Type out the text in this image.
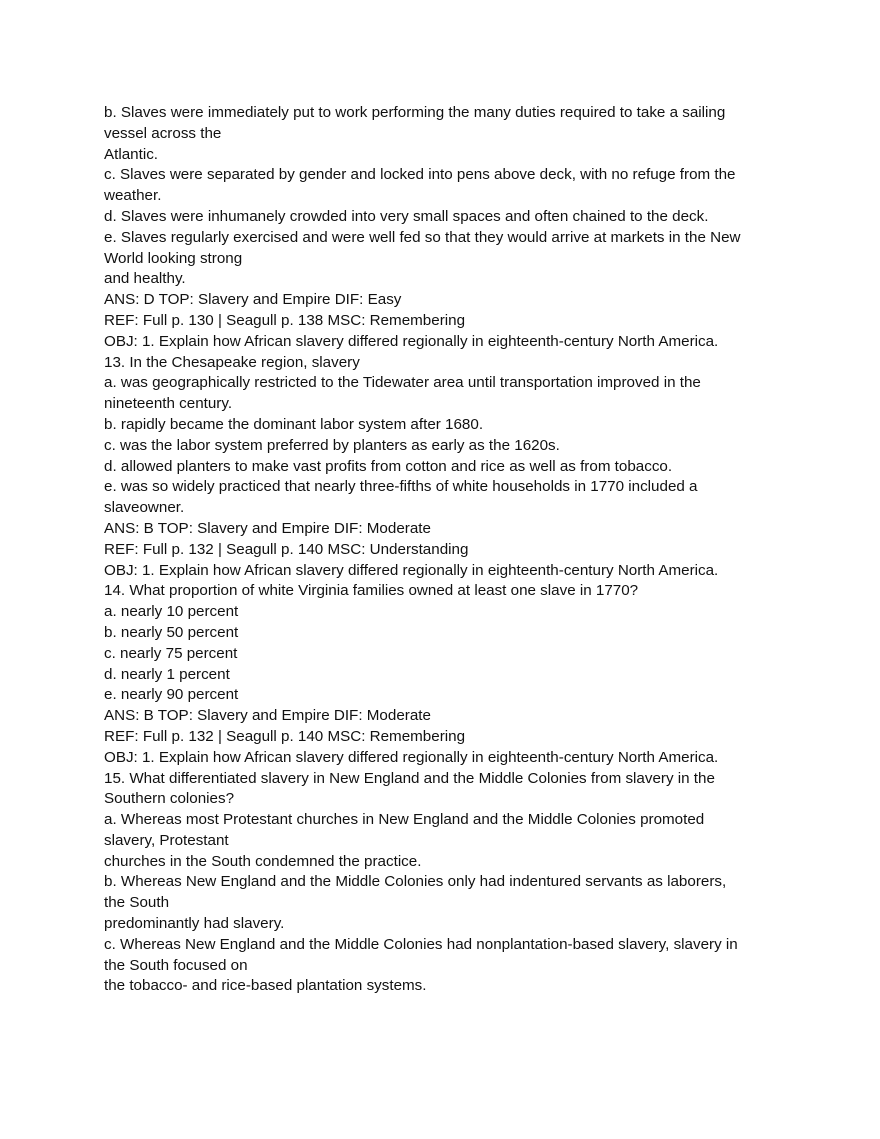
b. Slaves were immediately put to work performing the many duties required to take a sailing
vessel across the
Atlantic.
c. Slaves were separated by gender and locked into pens above deck, with no refuge from the
weather.
d. Slaves were inhumanely crowded into very small spaces and often chained to the deck.
e. Slaves regularly exercised and were well fed so that they would arrive at markets in the New
World looking strong
and healthy.
ANS: D TOP: Slavery and Empire DIF: Easy
REF: Full p. 130 | Seagull p. 138 MSC: Remembering
OBJ: 1. Explain how African slavery differed regionally in eighteenth-century North America.
13. In the Chesapeake region, slavery
a. was geographically restricted to the Tidewater area until transportation improved in the
nineteenth century.
b. rapidly became the dominant labor system after 1680.
c. was the labor system preferred by planters as early as the 1620s.
d. allowed planters to make vast profits from cotton and rice as well as from tobacco.
e. was so widely practiced that nearly three-fifths of white households in 1770 included a
slaveowner.
ANS: B TOP: Slavery and Empire DIF: Moderate
REF: Full p. 132 | Seagull p. 140 MSC: Understanding
OBJ: 1. Explain how African slavery differed regionally in eighteenth-century North America.
14. What proportion of white Virginia families owned at least one slave in 1770?
a. nearly 10 percent
b. nearly 50 percent
c. nearly 75 percent
d. nearly 1 percent
e. nearly 90 percent
ANS: B TOP: Slavery and Empire DIF: Moderate
REF: Full p. 132 | Seagull p. 140 MSC: Remembering
OBJ: 1. Explain how African slavery differed regionally in eighteenth-century North America.
15. What differentiated slavery in New England and the Middle Colonies from slavery in the
Southern colonies?
a. Whereas most Protestant churches in New England and the Middle Colonies promoted
slavery, Protestant
churches in the South condemned the practice.
b. Whereas New England and the Middle Colonies only had indentured servants as laborers,
the South
predominantly had slavery.
c. Whereas New England and the Middle Colonies had nonplantation-based slavery, slavery in
the South focused on
the tobacco- and rice-based plantation systems.
